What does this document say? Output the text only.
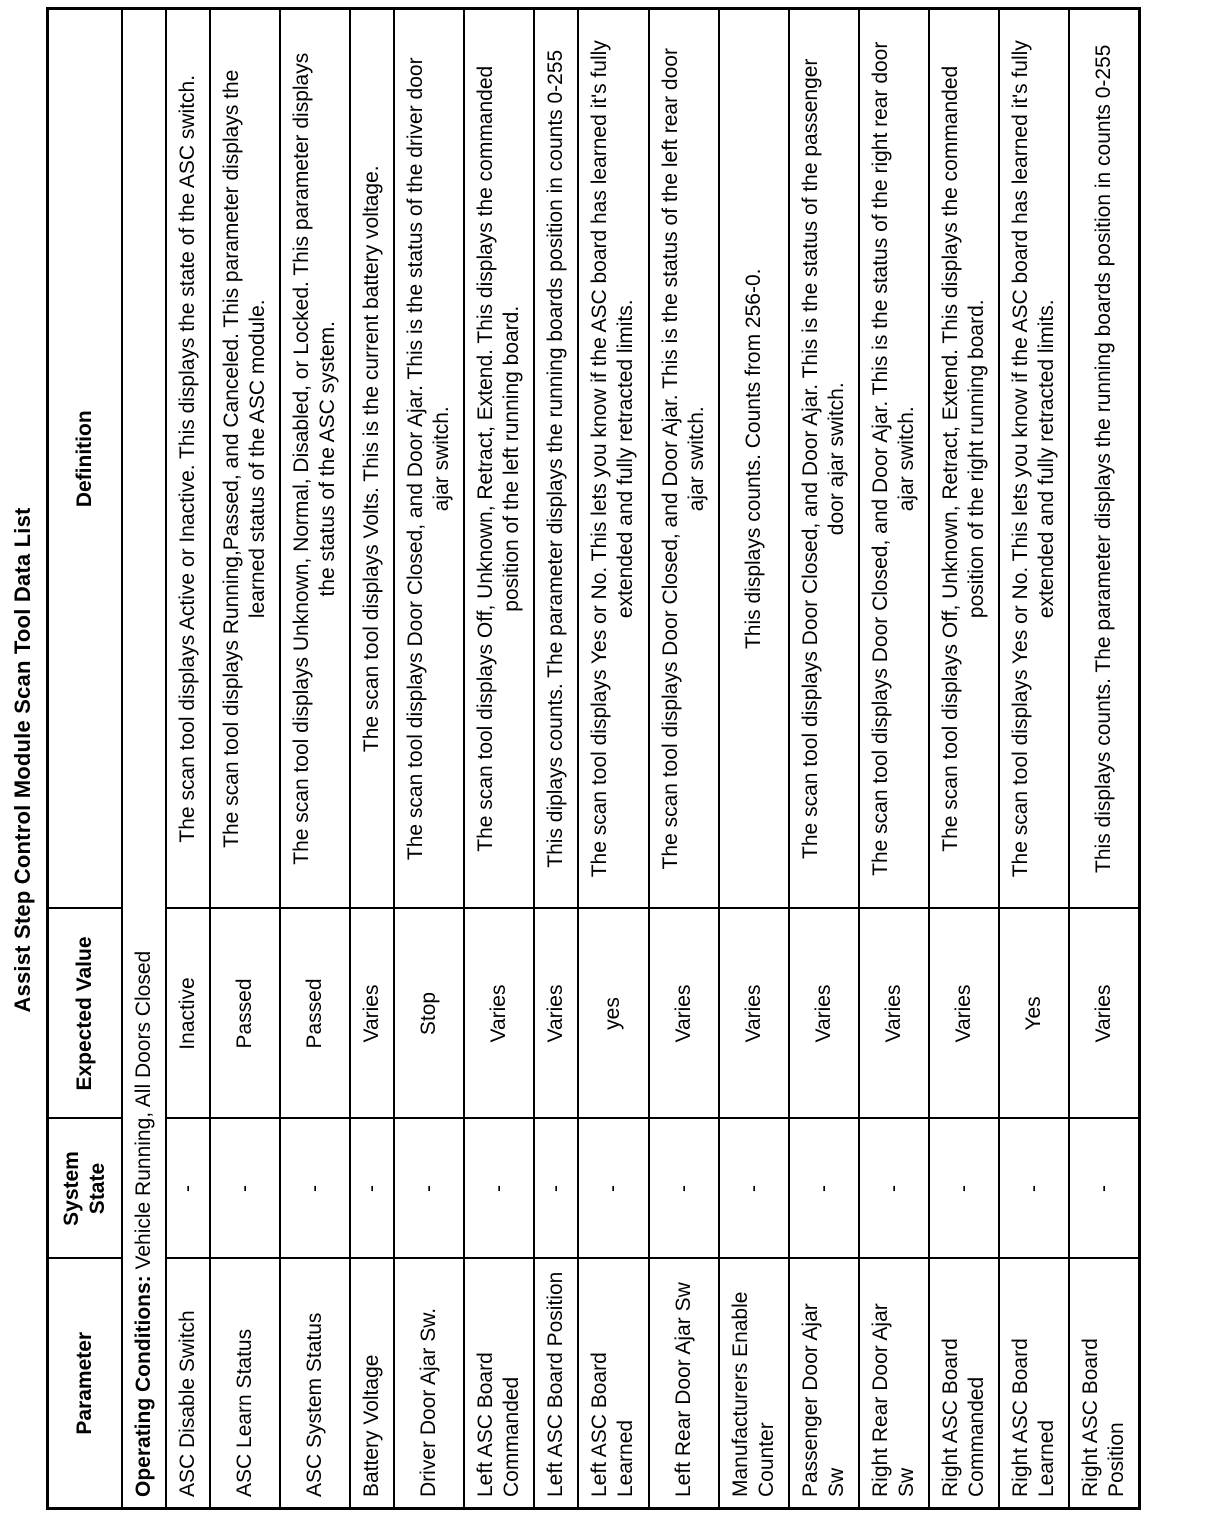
Assist Step Control Module Scan Tool Data List
Parameter	System State	Expected Value	Definition
Operating Conditions: Vehicle Running, All Doors Closed			
ASC Disable Switch	-	Inactive	The scan tool displays Active or Inactive. This displays the state of the ASC switch.
ASC Learn Status	-	Passed	The scan tool displays Running,Passed, and Canceled. This parameter displays the learned status of the ASC module.
ASC System Status	-	Passed	The scan tool displays Unknown, Normal, Disabled, or Locked. This parameter displays the status of the ASC system.
Battery Voltage	-	Varies	The scan tool displays Volts. This is the current battery voltage.
Driver Door Ajar Sw.	-	Stop	The scan tool displays Door Closed, and Door Ajar. This is the status of the driver door ajar switch.
Left ASC Board Commanded	-	Varies	The scan tool displays Off, Unknown, Retract, Extend. This displays the commanded position of the left running board.
Left ASC Board Position	-	Varies	This diplays counts. The parameter displays the running boards position in counts 0-255
Left ASC Board Learned	-	yes	The scan tool displays Yes or No. This lets you know if the ASC board has learned it's fully extended and fully retracted limits.
Left Rear Door Ajar Sw	-	Varies	The scan tool displays Door Closed, and Door Ajar. This is the status of the left rear door ajar switch.
Manufacturers Enable Counter	-	Varies	This displays counts. Counts from 256-0.
Passenger Door Ajar Sw	-	Varies	The scan tool displays Door Closed, and Door Ajar. This is the status of the passenger door ajar switch.
Right Rear Door Ajar Sw	-	Varies	The scan tool displays Door Closed, and Door Ajar. This is the status of the right rear door ajar switch.
Right ASC Board Commanded	-	Varies	The scan tool displays Off, Unknown, Retract, Extend. This displays the commanded position of the right running board.
Right ASC Board Learned	-	Yes	The scan tool displays Yes or No. This lets you know if the ASC board has learned it's fully extended and fully retracted limits.
Right ASC Board Position	-	Varies	This displays counts. The parameter displays the running boards position in counts 0-255
